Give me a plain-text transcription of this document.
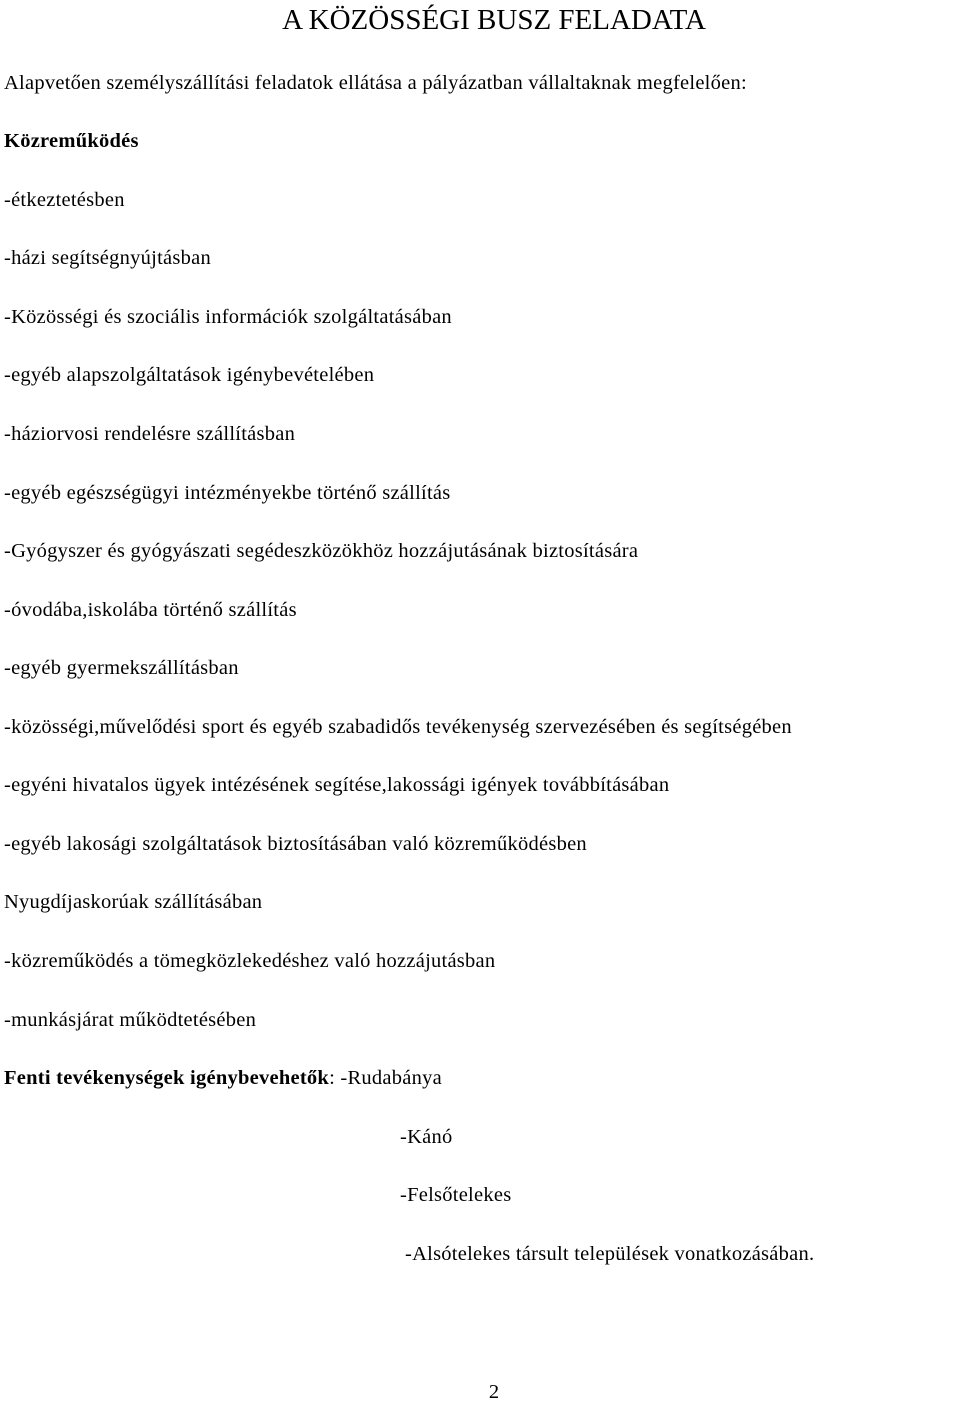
A KÖZÖSSÉGI BUSZ FELADATA
Alapvetően személyszállítási feladatok ellátása a pályázatban vállaltaknak megfelelően:
Közreműködés
-étkeztetésben
-házi segítségnyújtásban
-Közösségi és szociális információk szolgáltatásában
-egyéb alapszolgáltatások igénybevételében
-háziorvosi rendelésre szállításban
-egyéb egészségügyi intézményekbe történő szállítás
-Gyógyszer és gyógyászati segédeszközökhöz hozzájutásának biztosítására
-óvodába,iskolába történő szállítás
-egyéb gyermekszállításban
-közösségi,művelődési sport és egyéb szabadidős tevékenység szervezésében és segítségében
-egyéni hivatalos ügyek intézésének segítése,lakossági igények továbbításában
-egyéb lakosági szolgáltatások biztosításában való közreműködésben
Nyugdíjaskorúak szállításában
-közreműködés a tömegközlekedéshez való hozzájutásban
-munkásjárat működtetésében
Fenti tevékenységek igénybevehetők: -Rudabánya
-Kánó
-Felsőtelekes
-Alsótelekes társult települések vonatkozásában.
2
